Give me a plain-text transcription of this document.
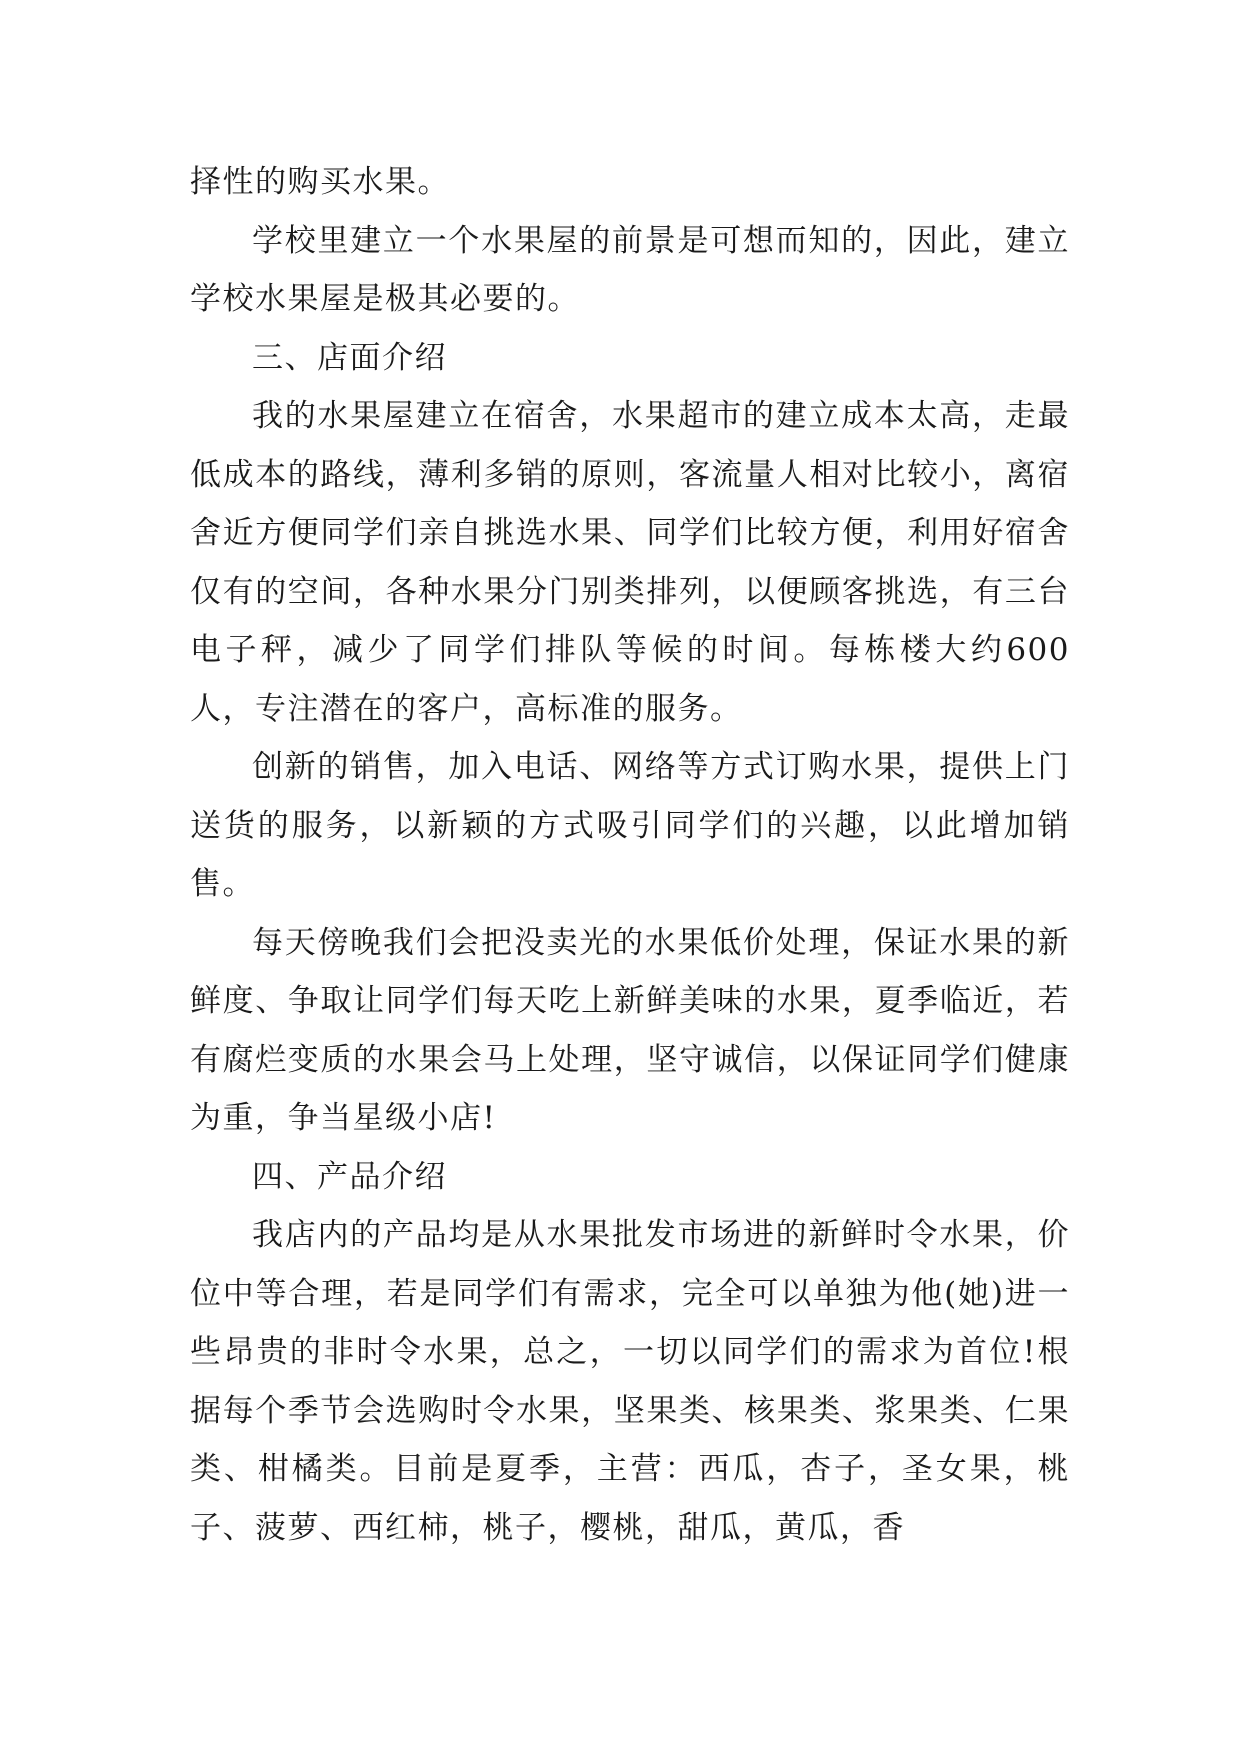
择性的购买水果。

学校里建立一个水果屋的前景是可想而知的，因此，建立学校水果屋是极其必要的。

三、店面介绍

我的水果屋建立在宿舍，水果超市的建立成本太高，走最低成本的路线，薄利多销的原则，客流量人相对比较小，离宿舍近方便同学们亲自挑选水果、同学们比较方便，利用好宿舍仅有的空间，各种水果分门别类排列，以便顾客挑选，有三台电子秤，减少了同学们排队等候的时间。每栋楼大约600 人，专注潜在的客户，高标准的服务。

创新的销售，加入电话、网络等方式订购水果，提供上门送货的服务，以新颖的方式吸引同学们的兴趣，以此增加销售。

每天傍晚我们会把没卖光的水果低价处理，保证水果的新鲜度、争取让同学们每天吃上新鲜美味的水果，夏季临近，若有腐烂变质的水果会马上处理，坚守诚信，以保证同学们健康为重，争当星级小店!

四、产品介绍

我店内的产品均是从水果批发市场进的新鲜时令水果，价位中等合理，若是同学们有需求，完全可以单独为他(她)进一些昂贵的非时令水果，总之，一切以同学们的需求为首位!根据每个季节会选购时令水果，坚果类、核果类、浆果类、仁果类、柑橘类。目前是夏季，主营：西瓜，杏子，圣女果，桃子、菠萝、西红柿，桃子，樱桃，甜瓜，黄瓜，香
